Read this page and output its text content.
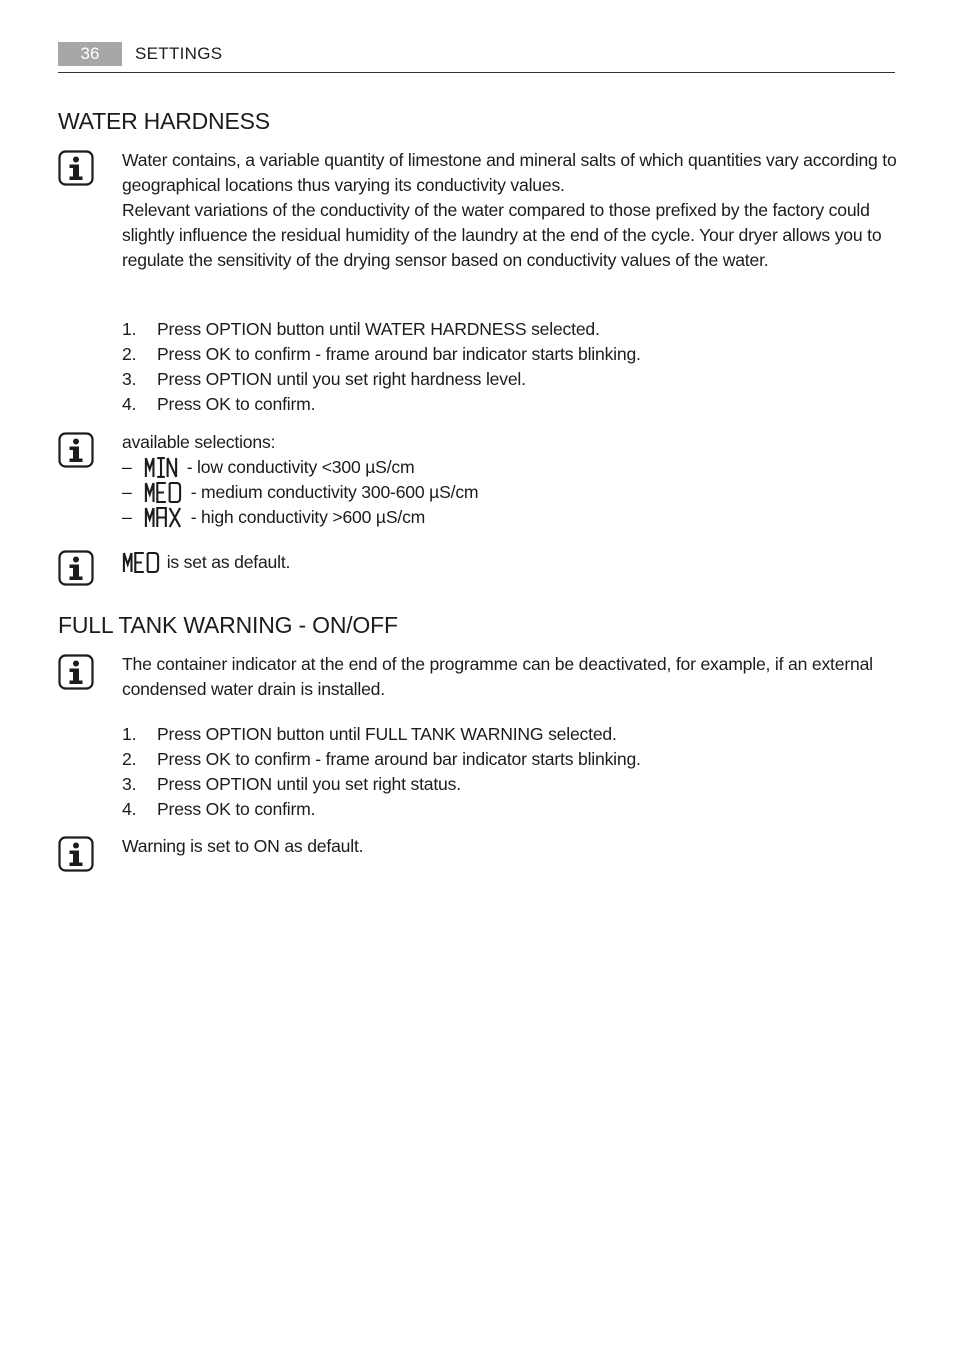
36	SETTINGS
WATER HARDNESS

Water contains, a variable quantity of limestone and mineral salts of which quantities vary according to geographical locations thus varying its conductivity values.

Relevant variations of the conductivity of the water compared to those prefixed by the factory could slightly influence the residual humidity of the laundry at the end of the cycle. Your dryer allows you to regulate the sensitivity of the drying sensor based on conductivity values of the water.

1. Press OPTION button until WATER HARDNESS selected.
2. Press OK to confirm - frame around bar indicator starts blinking.
3. Press OPTION until you set right hardness level.
4. Press OK to confirm.
available selections:
–	- low conductivity <300 µS/cm
–	- medium conductivity 300-600 µS/cm
–	- high conductivity >600 µS/cm
is set as default.
FULL TANK WARNING - ON/OFF
The container indicator at the end of the programme can be deactivated, for example, if an external condensed water drain is installed.
1. Press OPTION button until FULL TANK WARNING selected.
2. Press OK to confirm - frame around bar indicator starts blinking.
3. Press OPTION until you set right status.
4. Press OK to confirm.
Warning is set to ON as default.
